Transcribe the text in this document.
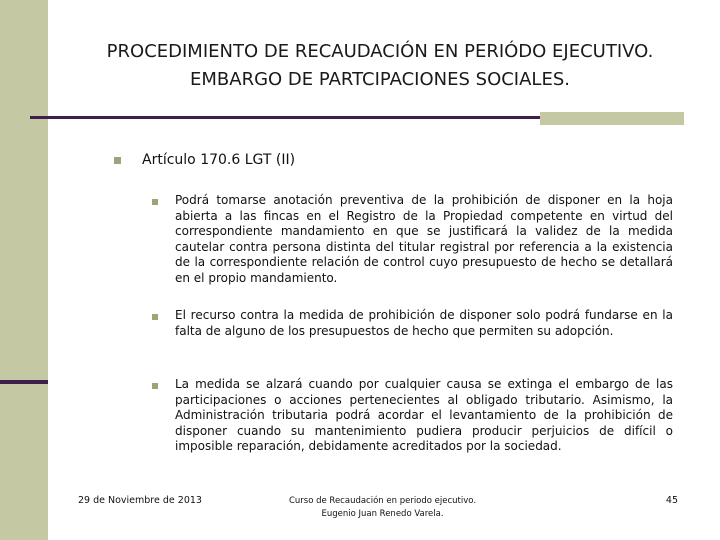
PROCEDIMIENTO DE RECAUDACIÓN EN PERIÓDO EJECUTIVO.
EMBARGO DE PARTCIPACIONES SOCIALES.
Artículo 170.6 LGT (II)
Podrá tomarse anotación preventiva de la prohibición de disponer en la hoja abierta a las fincas en el Registro de la Propiedad competente en virtud del correspondiente mandamiento en que se justificará la validez de la medida cautelar contra persona distinta del titular registral por referencia a la existencia de la correspondiente relación de control cuyo presupuesto de hecho se detallará en el propio mandamiento.
El recurso contra la medida de prohibición de disponer solo podrá fundarse en la falta de alguno de los presupuestos de hecho que permiten su adopción.
La medida se alzará cuando por cualquier causa se extinga el embargo de las participaciones o acciones pertenecientes al obligado tributario. Asimismo, la Administración tributaria podrá acordar el levantamiento de la prohibición de disponer cuando su mantenimiento pudiera producir perjuicios de difícil o imposible reparación, debidamente acreditados por la sociedad.
29 de Noviembre de 2013	Curso de Recaudación en periodo ejecutivo.
Eugenio Juan Renedo Varela.
45
